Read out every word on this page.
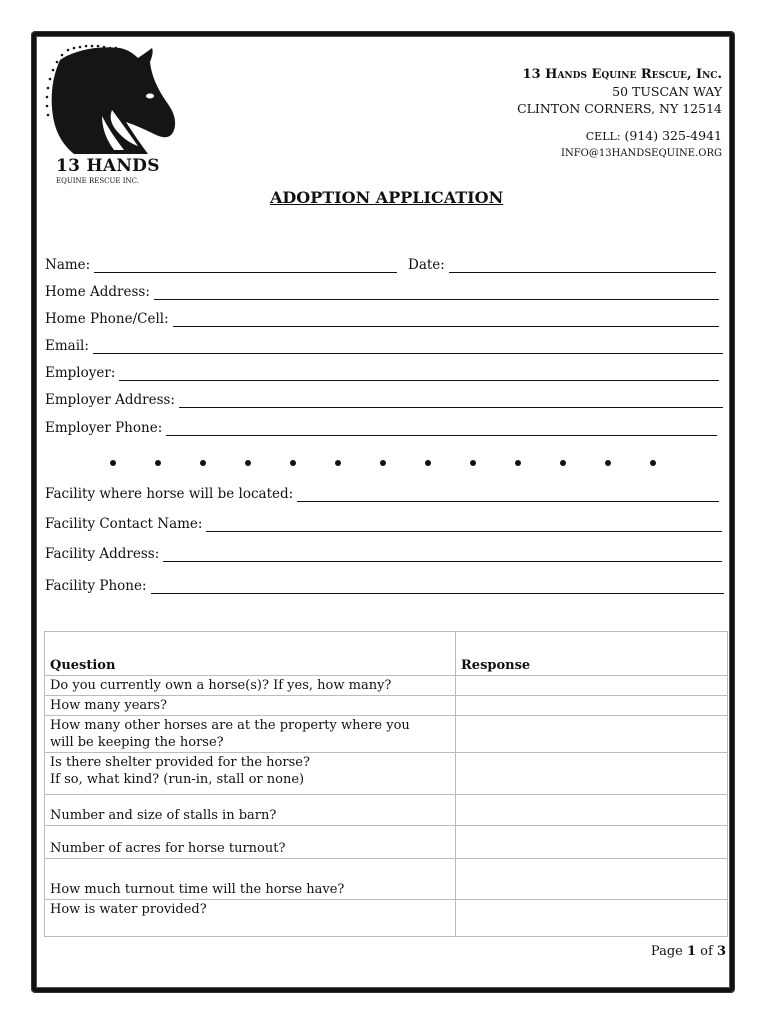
13 HANDS
EQUINE RESCUE INC.
13 Hands Equine Rescue, Inc.
50 TUSCAN WAY
CLINTON CORNERS, NY 12514
CELL: (914) 325-4941
INFO@13HANDSEQUINE.ORG
ADOPTION APPLICATION
Name:	Date:
Home Address:
Home Phone/Cell:
Email:
Employer:
Employer Address:
Employer Phone:
Facility where horse will be located:
Facility Contact Name:
Facility Address:
Facility Phone:
Question	Response
Do you currently own a horse(s)? If yes, how many?	
How many years?	
How many other horses are at the property where you
will be keeping the horse?	
Is there shelter provided for the horse?
If so, what kind? (run-in, stall or none)	
Number and size of stalls in barn?	
Number of acres for horse turnout?	
How much turnout time will the horse have?	
How is water provided?	
Page 1 of 3
